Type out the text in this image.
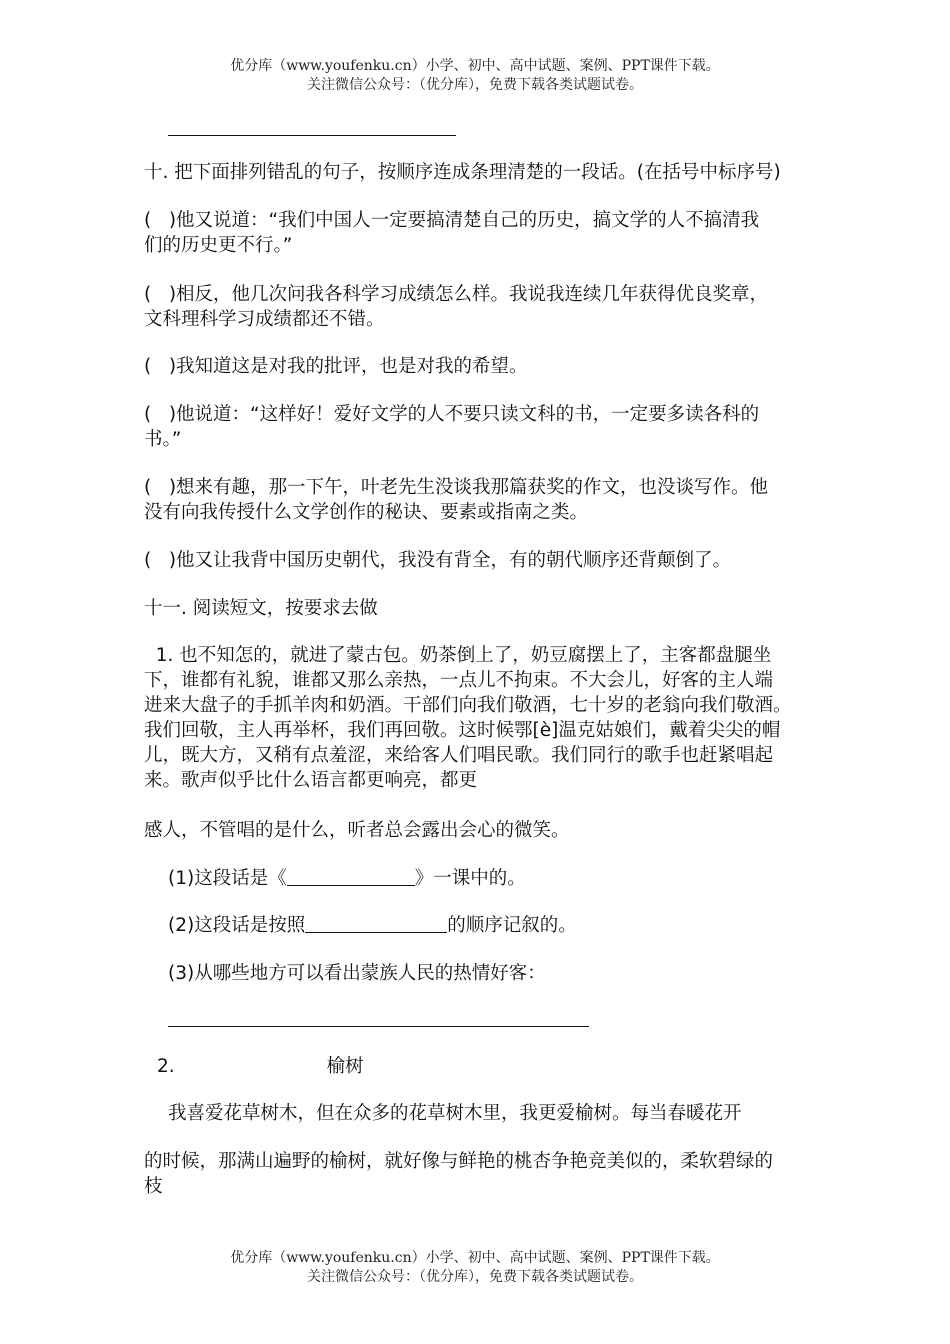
优分库（www.youfenku.cn）小学、初中、高中试题、案例、PPT课件下载。
关注微信公众号：（优分库），免费下载各类试题试卷。
十. 把下面排列错乱的句子，按顺序连成条理清楚的一段话。(在括号中标序号)
( )他又说道：“我们中国人一定要搞清楚自己的历史，搞文学的人不搞清我
们的历史更不行。”
( )相反，他几次问我各科学习成绩怎么样。我说我连续几年获得优良奖章，
文科理科学习成绩都还不错。
( )我知道这是对我的批评，也是对我的希望。
( )他说道：“这样好！爱好文学的人不要只读文科的书，一定要多读各科的
书。”
( )想来有趣，那一下午，叶老先生没谈我那篇获奖的作文，也没谈写作。他
没有向我传授什么文学创作的秘诀、要素或指南之类。
( )他又让我背中国历史朝代，我没有背全，有的朝代顺序还背颠倒了。
十一. 阅读短文，按要求去做
1. 也不知怎的，就进了蒙古包。奶茶倒上了，奶豆腐摆上了，主客都盘腿坐
下，谁都有礼貌，谁都又那么亲热，一点儿不拘束。不大会儿，好客的主人端
进来大盘子的手抓羊肉和奶酒。干部们向我们敬酒，七十岁的老翁向我们敬酒。
我们回敬，主人再举杯，我们再回敬。这时候鄂[è]温克姑娘们，戴着尖尖的帽
儿，既大方，又稍有点羞涩，来给客人们唱民歌。我们同行的歌手也赶紧唱起
来。歌声似乎比什么语言都更响亮，都更
感人，不管唱的是什么，听者总会露出会心的微笑。
(1)这段话是《	》一课中的。
(2)这段话是按照	的顺序记叙的。
(3)从哪些地方可以看出蒙族人民的热情好客：
2.	榆树
我喜爱花草树木，但在众多的花草树木里，我更爱榆树。每当春暖花开
的时候，那满山遍野的榆树，就好像与鲜艳的桃杏争艳竞美似的，柔软碧绿的
枝
优分库（www.youfenku.cn）小学、初中、高中试题、案例、PPT课件下载。
关注微信公众号：（优分库），免费下载各类试题试卷。
